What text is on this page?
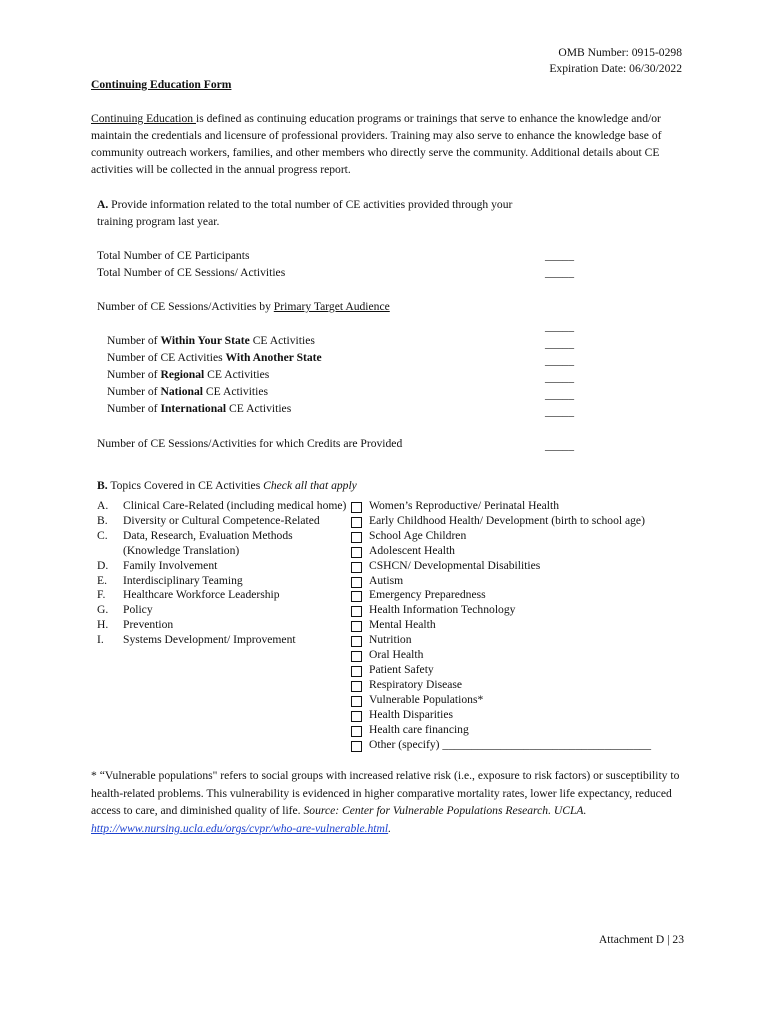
OMB Number: 0915-0298
Expiration Date: 06/30/2022
Continuing Education Form
Continuing Education is defined as continuing education programs or trainings that serve to enhance the knowledge and/or maintain the credentials and licensure of professional providers. Training may also serve to enhance the knowledge base of community outreach workers, families, and other members who directly serve the community. Additional details about CE activities will be collected in the annual progress report.
A. Provide information related to the total number of CE activities provided through your training program last year.
Total Number of CE Participants	_____
Total Number of CE Sessions/ Activities	_____
Number of CE Sessions/Activities by Primary Target Audience
_____
Number of Within Your State CE Activities	_____
Number of CE Activities With Another State	_____
Number of Regional CE Activities	_____
Number of National CE Activities	_____
Number of International CE Activities	_____
Number of CE Sessions/Activities for which Credits are Provided	_____
B. Topics Covered in CE Activities Check all that apply
A.	Clinical Care-Related (including medical home)
B.	Diversity or Cultural Competence-Related
C.	Data, Research, Evaluation Methods (Knowledge Translation)
D.	Family Involvement
E.	Interdisciplinary Teaming
F.	Healthcare Workforce Leadership
G.	Policy
H.	Prevention
I.	Systems Development/ Improvement
Women’s Reproductive/ Perinatal Health
Early Childhood Health/ Development (birth to school age)
School Age Children
Adolescent Health
CSHCN/ Developmental Disabilities
Autism
Emergency Preparedness
Health Information Technology
Mental Health
Nutrition
Oral Health
Patient Safety
Respiratory Disease
Vulnerable Populations*
Health Disparities
Health care financing
Other (specify) ____________________________________
* “Vulnerable populations" refers to social groups with increased relative risk (i.e., exposure to risk factors) or susceptibility to health-related problems. This vulnerability is evidenced in higher comparative mortality rates, lower life expectancy, reduced access to care, and diminished quality of life. Source: Center for Vulnerable Populations Research. UCLA. http://www.nursing.ucla.edu/orgs/cvpr/who-are-vulnerable.html.
Attachment D | 23
